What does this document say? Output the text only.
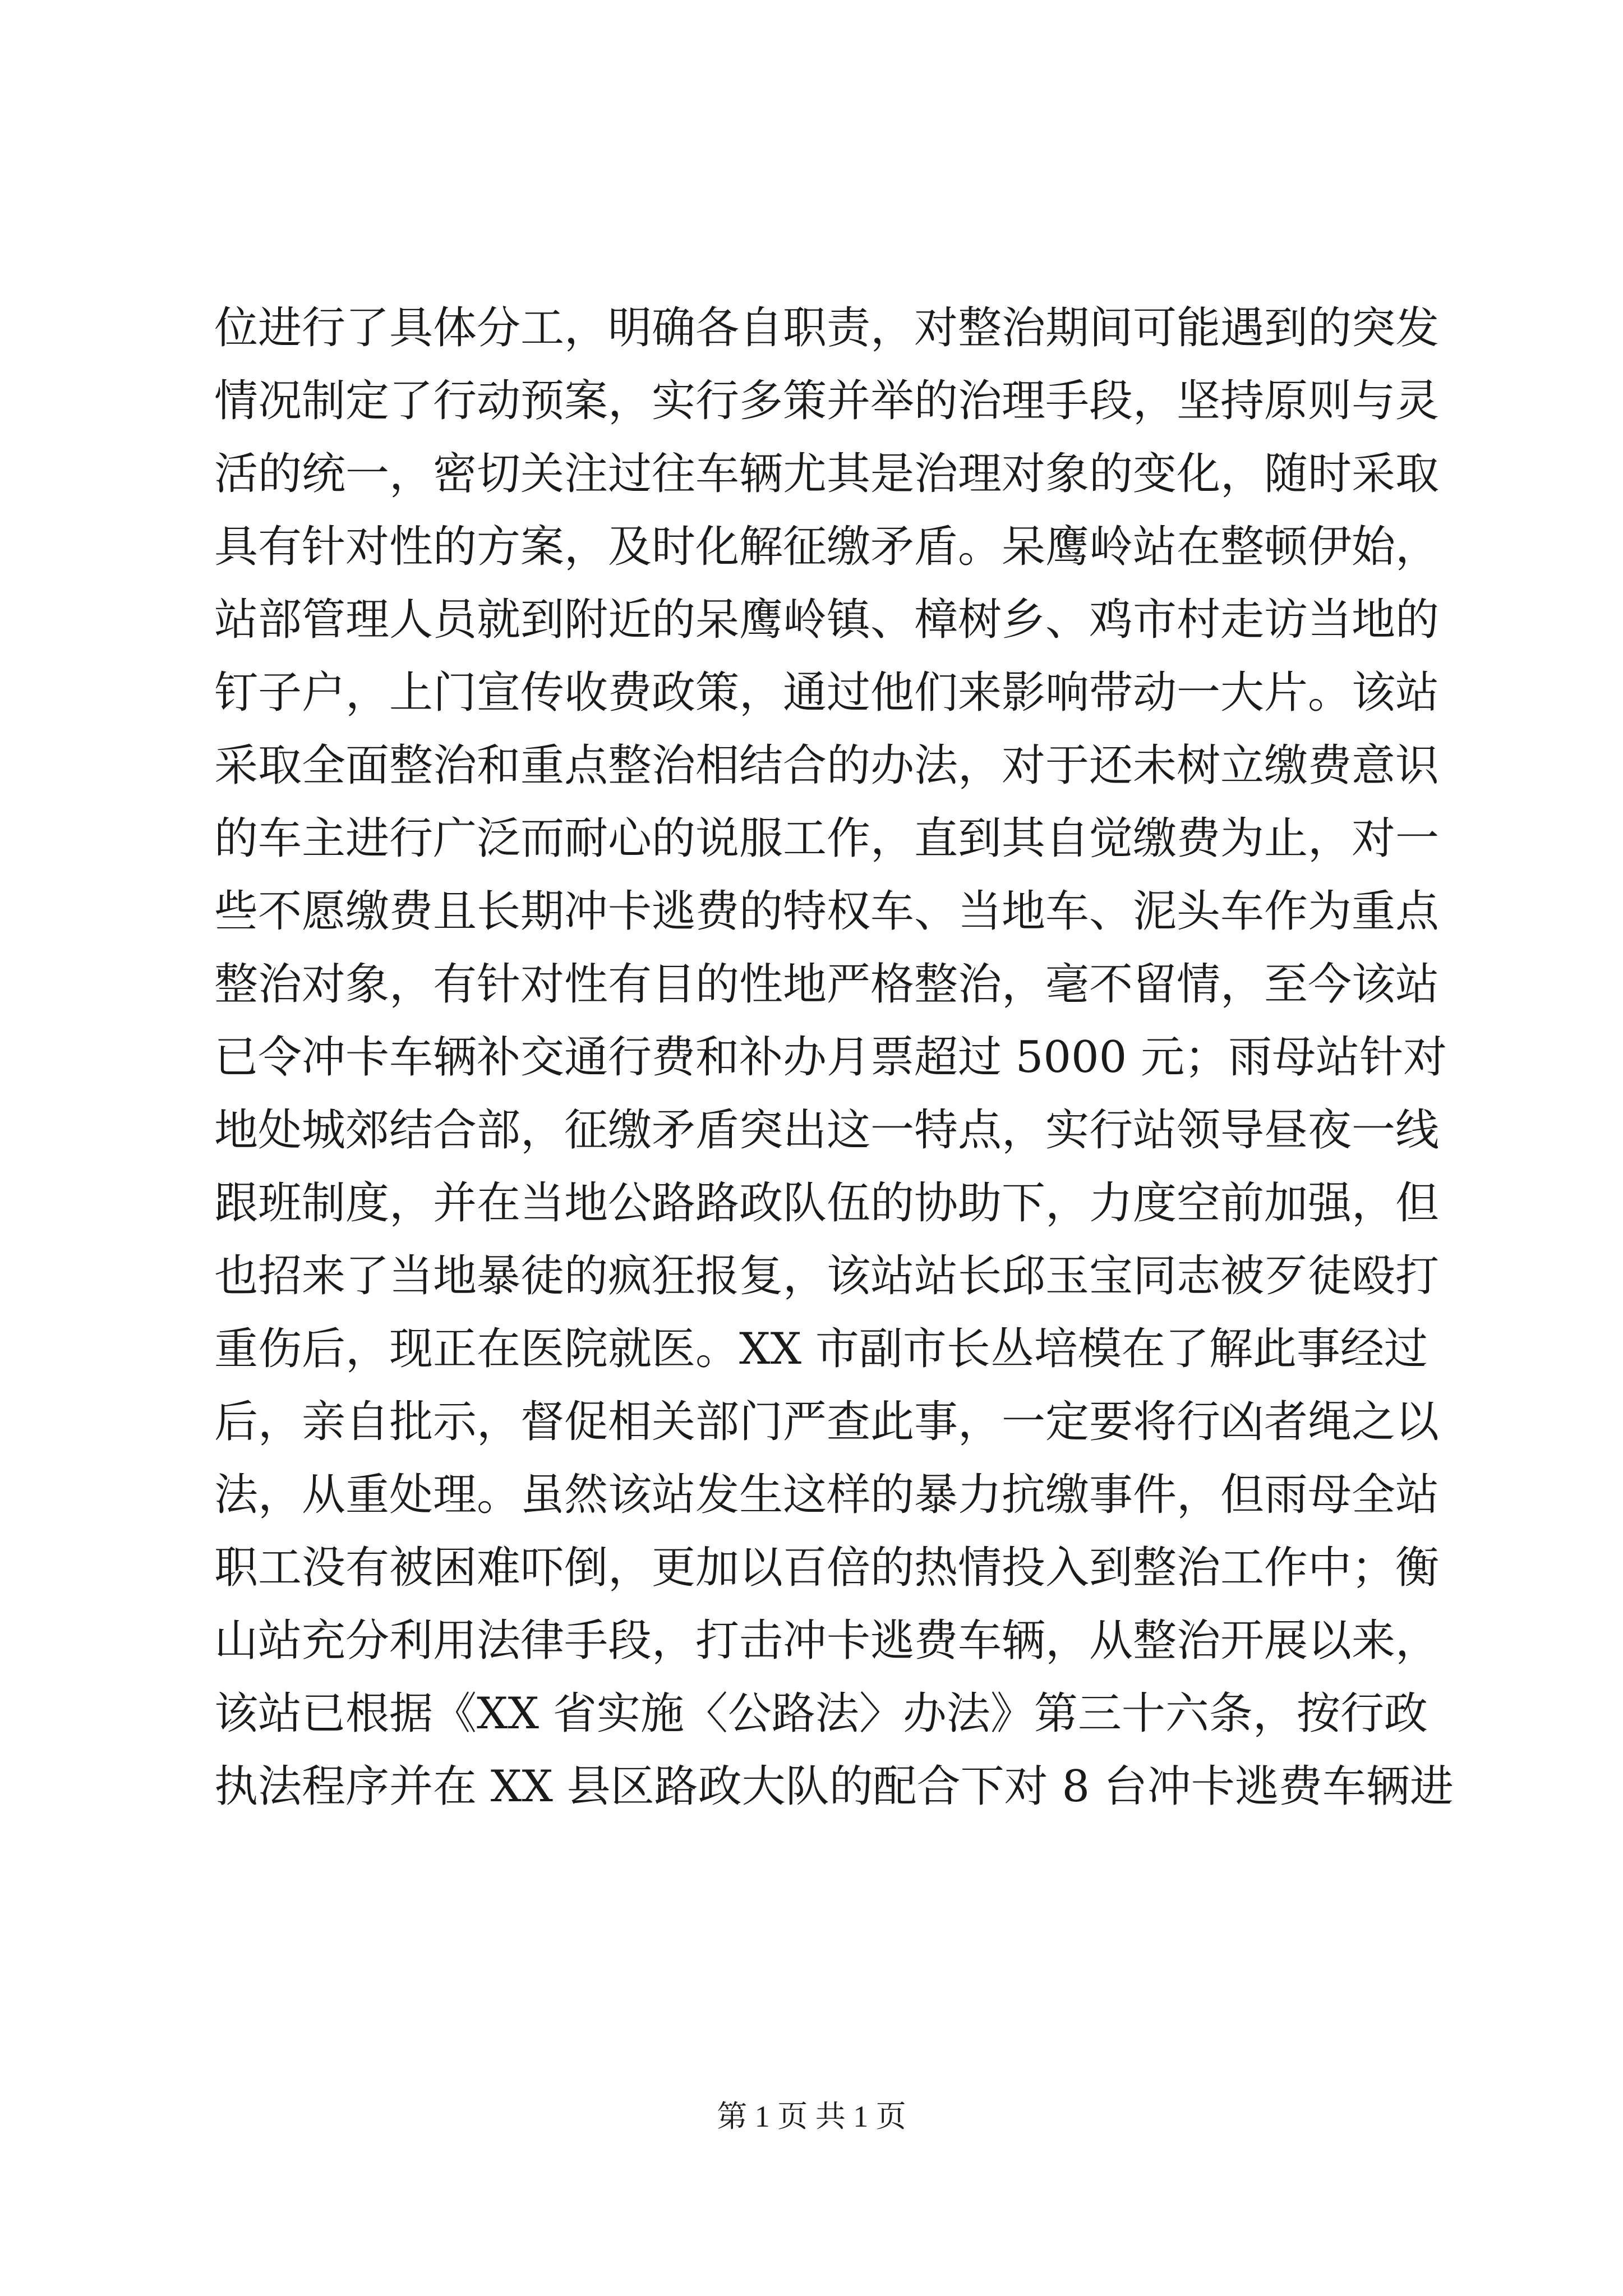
位进行了具体分工，明确各自职责，对整治期间可能遇到的突发
情况制定了行动预案，实行多策并举的治理手段，坚持原则与灵
活的统一，密切关注过往车辆尤其是治理对象的变化，随时采取
具有针对性的方案，及时化解征缴矛盾。呆鹰岭站在整顿伊始，
站部管理人员就到附近的呆鹰岭镇、樟树乡、鸡市村走访当地的
钉子户，上门宣传收费政策，通过他们来影响带动一大片。该站
采取全面整治和重点整治相结合的办法，对于还未树立缴费意识
的车主进行广泛而耐心的说服工作，直到其自觉缴费为止，对一
些不愿缴费且长期冲卡逃费的特权车、当地车、泥头车作为重点
整治对象，有针对性有目的性地严格整治，毫不留情，至今该站
已令冲卡车辆补交通行费和补办月票超过 5000 元；雨母站针对
地处城郊结合部，征缴矛盾突出这一特点，实行站领导昼夜一线
跟班制度，并在当地公路路政队伍的协助下，力度空前加强，但
也招来了当地暴徒的疯狂报复，该站站长邱玉宝同志被歹徒殴打
重伤后，现正在医院就医。XX 市副市长丛培模在了解此事经过
后，亲自批示，督促相关部门严查此事，一定要将行凶者绳之以
法，从重处理。虽然该站发生这样的暴力抗缴事件，但雨母全站
职工没有被困难吓倒，更加以百倍的热情投入到整治工作中；衡
山站充分利用法律手段，打击冲卡逃费车辆，从整治开展以来，
该站已根据《XX 省实施〈公路法〉办法》第三十六条，按行政
执法程序并在 XX 县区路政大队的配合下对 8 台冲卡逃费车辆进
第 1 页 共 1 页
